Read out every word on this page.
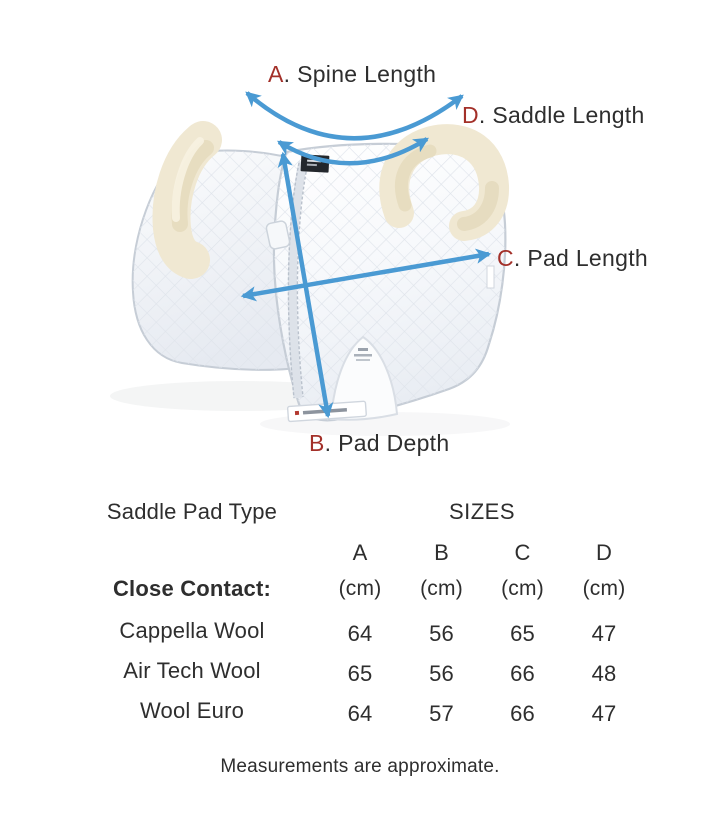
A. Spine Length
D. Saddle Length
C. Pad Length
B. Pad Depth
Saddle Pad Type	SIZES
A	B	C	D
Close Contact:	(cm)	(cm)	(cm)	(cm)
Cappella Wool	64	56	65	47
Air Tech Wool	65	56	66	48
Wool Euro	64	57	66	47
Measurements are approximate.
